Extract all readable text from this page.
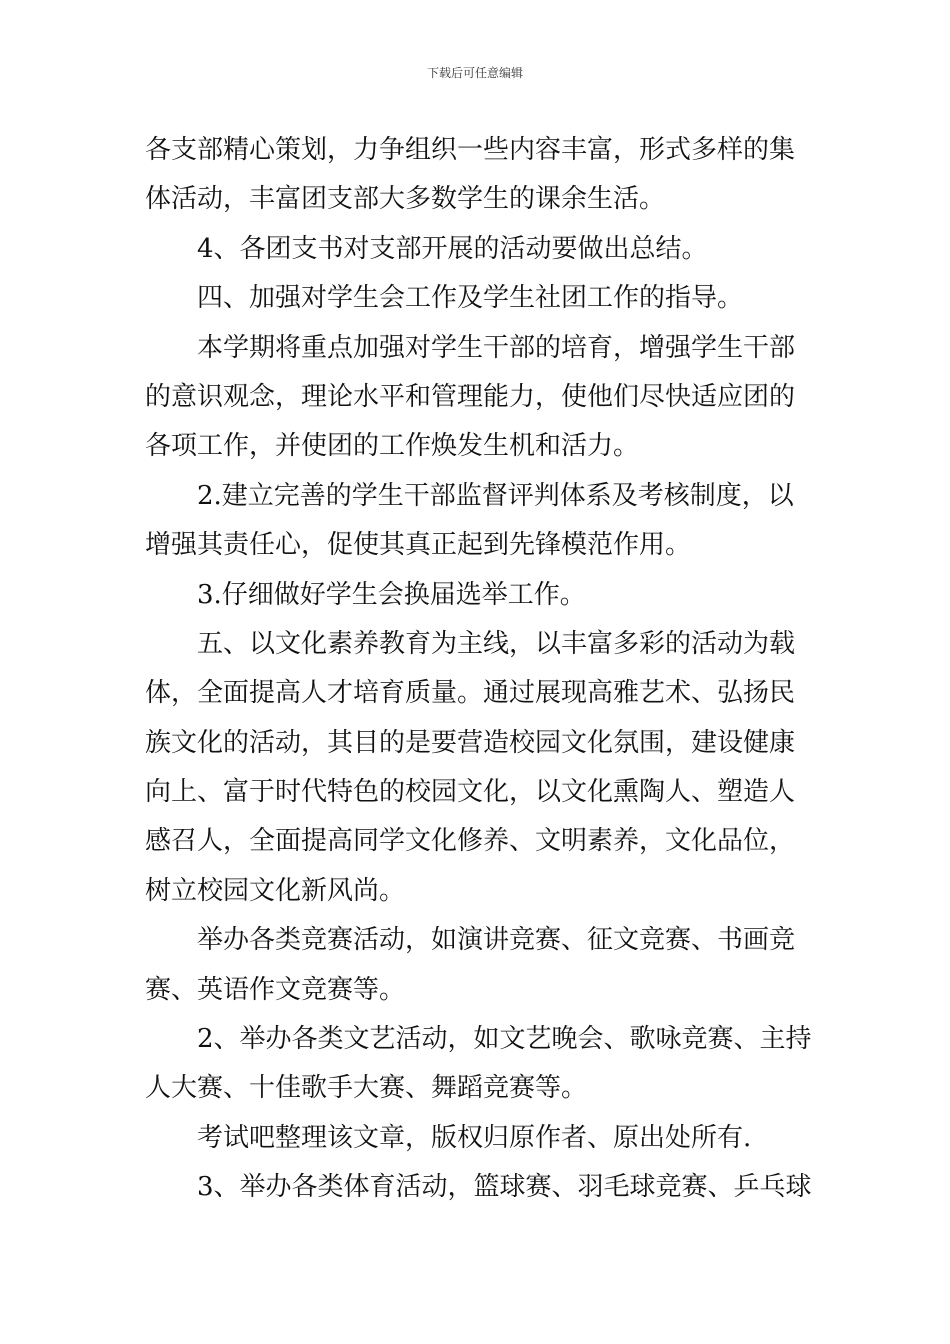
下载后可任意编辑
各支部精心策划，力争组织一些内容丰富，形式多样的集
体活动，丰富团支部大多数学生的课余生活。
4、各团支书对支部开展的活动要做出总结。
四、加强对学生会工作及学生社团工作的指导。
本学期将重点加强对学生干部的培育，增强学生干部
的意识观念，理论水平和管理能力，使他们尽快适应团的
各项工作，并使团的工作焕发生机和活力。
2.建立完善的学生干部监督评判体系及考核制度，以
增强其责任心，促使其真正起到先锋模范作用。
3.仔细做好学生会换届选举工作。
五、以文化素养教育为主线，以丰富多彩的活动为载
体，全面提高人才培育质量。通过展现高雅艺术、弘扬民
族文化的活动，其目的是要营造校园文化氛围，建设健康
向上、富于时代特色的校园文化，以文化熏陶人、塑造人
感召人，全面提高同学文化修养、文明素养，文化品位，
树立校园文化新风尚。
举办各类竞赛活动，如演讲竞赛、征文竞赛、书画竞
赛、英语作文竞赛等。
2、举办各类文艺活动，如文艺晚会、歌咏竞赛、主持
人大赛、十佳歌手大赛、舞蹈竞赛等。
考试吧整理该文章，版权归原作者、原出处所有.
3、举办各类体育活动，篮球赛、羽毛球竞赛、乒乓球
